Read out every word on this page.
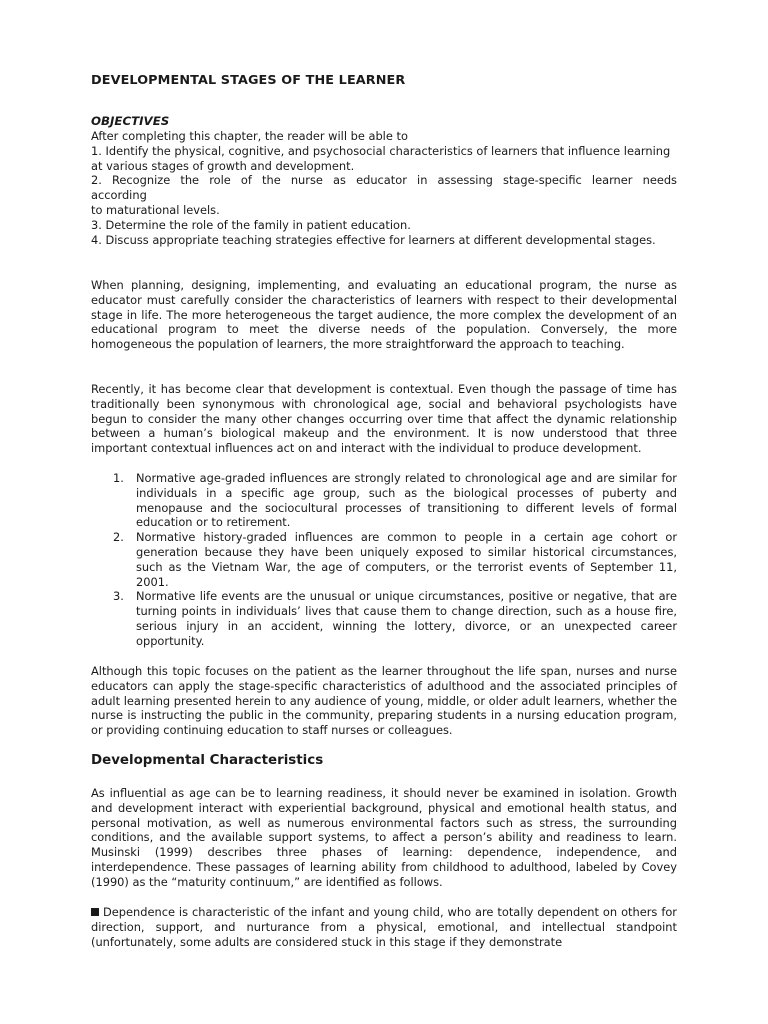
DEVELOPMENTAL STAGES OF THE LEARNER
OBJECTIVES
After completing this chapter, the reader will be able to
1. Identify the physical, cognitive, and psychosocial characteristics of learners that influence learning at various stages of growth and development.
2. Recognize the role of the nurse as educator in assessing stage-specific learner needs
according
to maturational levels.
3. Determine the role of the family in patient education.
4. Discuss appropriate teaching strategies effective for learners at different developmental stages.

When planning, designing, implementing, and evaluating an educational program, the nurse as educator must carefully consider the characteristics of learners with respect to their developmental stage in life. The more heterogeneous the target audience, the more complex the development of an educational program to meet the diverse needs of the population. Conversely, the more homogeneous the population of learners, the more straightforward the approach to teaching.

Recently, it has become clear that development is contextual. Even though the passage of time has traditionally been synonymous with chronological age, social and behavioral psychologists have begun to consider the many other changes occurring over time that affect the dynamic relationship between a human’s biological makeup and the environment. It is now understood that three important contextual influences act on and interact with the individual to produce development.

1. Normative age-graded influences are strongly related to chronological age and are similar for individuals in a specific age group, such as the biological processes of puberty and menopause and the sociocultural processes of transitioning to different levels of formal education or to retirement.
2. Normative history-graded influences are common to people in a certain age cohort or generation because they have been uniquely exposed to similar historical circumstances, such as the Vietnam War, the age of computers, or the terrorist events of September 11, 2001.
3. Normative life events are the unusual or unique circumstances, positive or negative, that are turning points in individuals’ lives that cause them to change direction, such as a house fire, serious injury in an accident, winning the lottery, divorce, or an unexpected career opportunity.

Although this topic focuses on the patient as the learner throughout the life span, nurses and nurse educators can apply the stage-specific characteristics of adulthood and the associated principles of adult learning presented herein to any audience of young, middle, or older adult learners, whether the nurse is instructing the public in the community, preparing students in a nursing education program, or providing continuing education to staff nurses or colleagues.

Developmental Characteristics

As influential as age can be to learning readiness, it should never be examined in isolation. Growth and development interact with experiential background, physical and emotional health status, and personal motivation, as well as numerous environmental factors such as stress, the surrounding conditions, and the available support systems, to affect a person’s ability and readiness to learn. Musinski (1999) describes three phases of learning: dependence, independence, and interdependence. These passages of learning ability from childhood to adulthood, labeled by Covey (1990) as the “maturity continuum,” are identified as follows.

Dependence is characteristic of the infant and young child, who are totally dependent on others for direction, support, and nurturance from a physical, emotional, and intellectual standpoint (unfortunately, some adults are considered stuck in this stage if they demonstrate
